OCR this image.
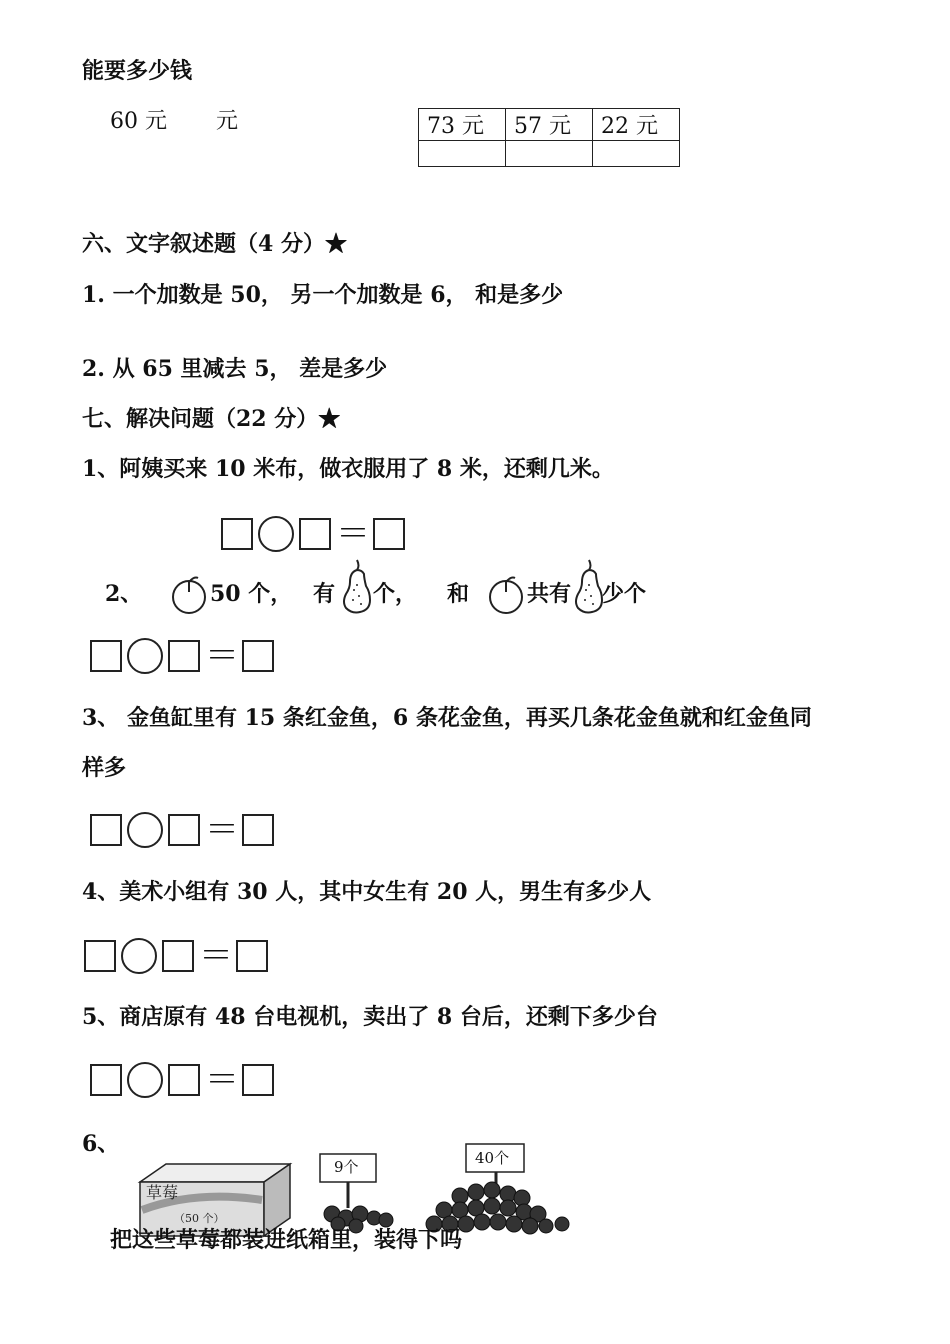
能要多少钱
60 元 元	73 元	57 元	22 元

六、文字叙述题（4 分）★
1. 一个加数是 50， 另一个加数是 6， 和是多少
2. 从 65 里减去 5， 差是多少
七、解决问题（22 分）★
1、阿姨买来 10 米布，做衣服用了 8 米，还剩几米。
＝
2、	50 个， 有 个， 和	共有 少个
＝
3、 金鱼缸里有 15 条红金鱼，6 条花金鱼，再买几条花金鱼就和红金鱼同
样多
＝
4、美术小组有 30 人，其中女生有 20 人，男生有多少人
＝
5、商店原有 48 台电视机，卖出了 8 台后，还剩下多少台
＝
6、
草莓
（50 个）
9个	40个
把这些草莓都装进纸箱里，装得下吗
